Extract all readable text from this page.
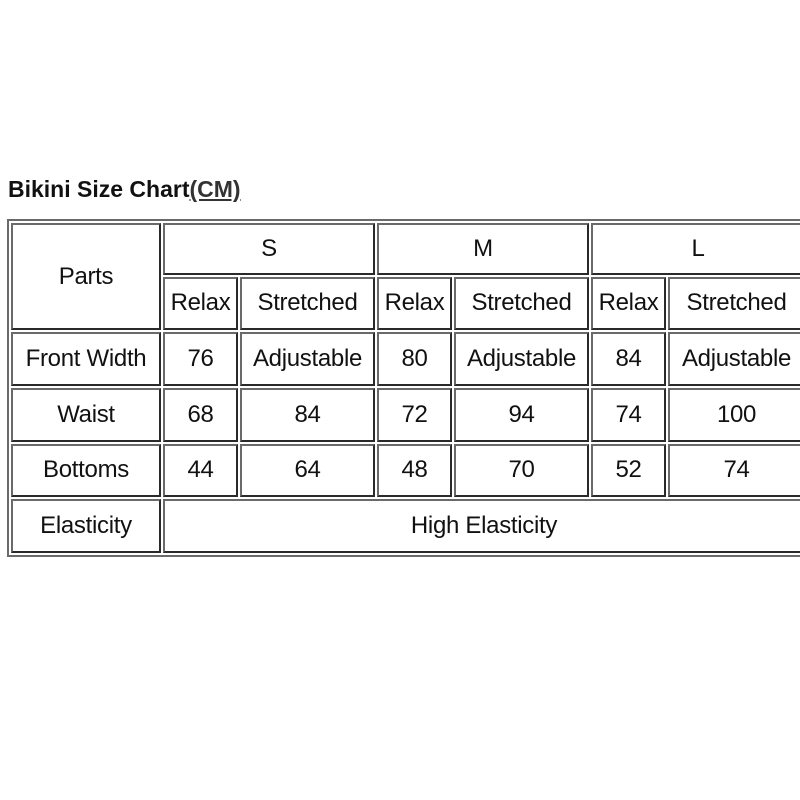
Bikini Size Chart(CM)
Parts	S		M		L	
	Relax	Stretched	Relax	Stretched	Relax	Stretched
Front Width	76	Adjustable	80	Adjustable	84	Adjustable
Waist	68	84	72	94	74	100
Bottoms	44	64	48	70	52	74
Elasticity	High Elasticity					
